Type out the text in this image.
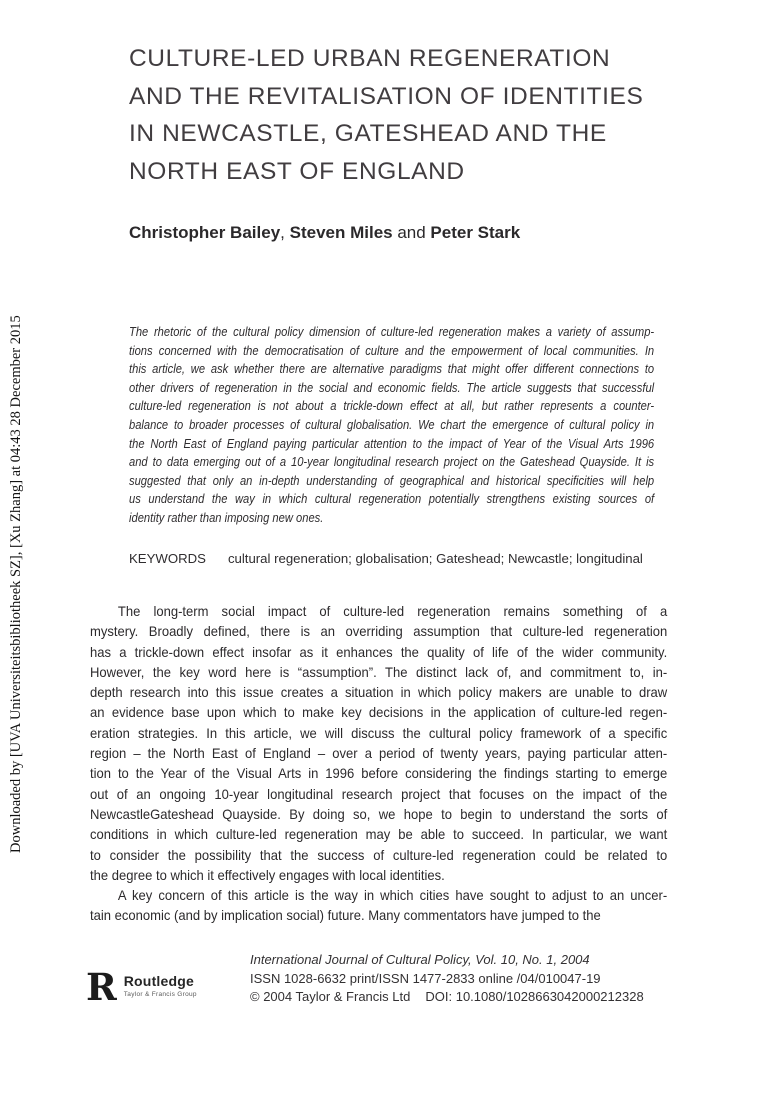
Downloaded by [UVA Universiteitsbibliotheek SZ], [Xu Zhang] at 04:43 28 December 2015
CULTURE-LED URBAN REGENERATION
AND THE REVITALISATION OF IDENTITIES
IN NEWCASTLE, GATESHEAD AND THE
NORTH EAST OF ENGLAND
Christopher Bailey, Steven Miles and Peter Stark
The rhetoric of the cultural policy dimension of culture-led regeneration makes a variety of assump-
tions concerned with the democratisation of culture and the empowerment of local communities. In
this article, we ask whether there are alternative paradigms that might offer different connections to
other drivers of regeneration in the social and economic fields. The article suggests that successful
culture-led regeneration is not about a trickle-down effect at all, but rather represents a counter-
balance to broader processes of cultural globalisation. We chart the emergence of cultural policy in
the North East of England paying particular attention to the impact of Year of the Visual Arts 1996
and to data emerging out of a 10-year longitudinal research project on the Gateshead Quayside. It is
suggested that only an in-depth understanding of geographical and historical specificities will help
us understand the way in which cultural regeneration potentially strengthens existing sources of
identity rather than imposing new ones.
KEYWORDS cultural regeneration; globalisation; Gateshead; Newcastle; longitudinal
The long-term social impact of culture-led regeneration remains something of a
mystery. Broadly defined, there is an overriding assumption that culture-led regeneration
has a trickle-down effect insofar as it enhances the quality of life of the wider community.
However, the key word here is “assumption”. The distinct lack of, and commitment to, in-
depth research into this issue creates a situation in which policy makers are unable to draw
an evidence base upon which to make key decisions in the application of culture-led regen-
eration strategies. In this article, we will discuss the cultural policy framework of a specific
region – the North East of England – over a period of twenty years, paying particular atten-
tion to the Year of the Visual Arts in 1996 before considering the findings starting to emerge
out of an ongoing 10-year longitudinal research project that focuses on the impact of the
NewcastleGateshead Quayside. By doing so, we hope to begin to understand the sorts of
conditions in which culture-led regeneration may be able to succeed. In particular, we want
to consider the possibility that the success of culture-led regeneration could be related to
the degree to which it effectively engages with local identities.
A key concern of this article is the way in which cities have sought to adjust to an uncer-
tain economic (and by implication social) future. Many commentators have jumped to the
R Routledge
Taylor & Francis Group
International Journal of Cultural Policy, Vol. 10, No. 1, 2004
ISSN 1028-6632 print/ISSN 1477-2833 online /04/010047-19
© 2004 Taylor & Francis Ltd DOI: 10.1080/1028663042000212328
